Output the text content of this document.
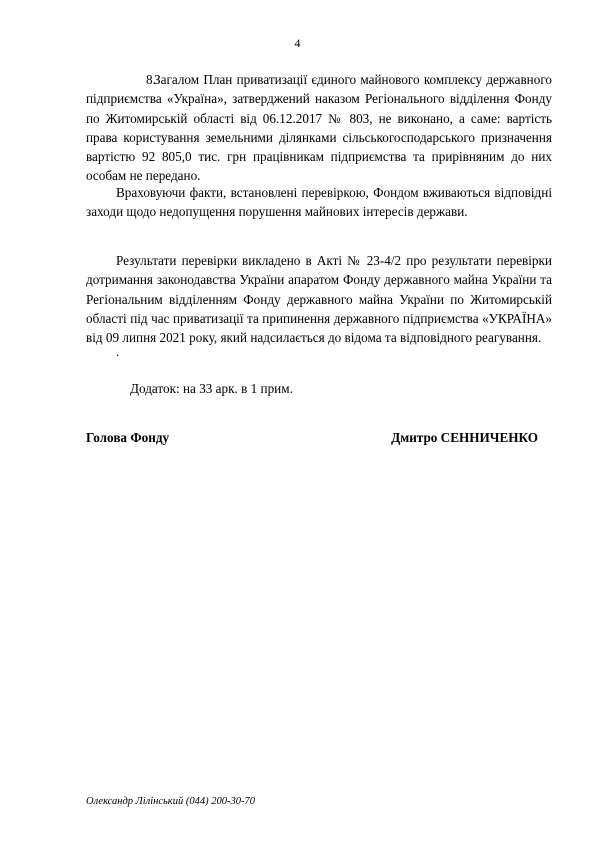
4

8.Загалом План приватизації єдиного майнового комплексу державного підприємства «Україна», затверджений наказом Регіонального відділення Фонду по Житомирській області від 06.12.2017 № 803, не виконано, а саме: вартість права користування земельними ділянками сільськогосподарського призначення вартістю 92 805,0 тис. грн працівникам підприємства та прирівняним до них особам не передано.

Враховуючи факти, встановлені перевіркою, Фондом вживаються відповідні заходи щодо недопущення порушення майнових інтересів держави.

Результати перевірки викладено в Акті № 23-4/2 про результати перевірки дотримання законодавства України апаратом Фонду державного майна України та Регіональним відділенням Фонду державного майна України по Житомирській області під час приватизації та припинення державного підприємства «УКРАЇНА» від 09 липня 2021 року, який надсилається до відома та відповідного реагування.

.
Додаток: на 33 арк. в 1 прим.
Голова Фонду	Дмитро СЕННИЧЕНКО
Олександр Лілінський (044) 200-30-70
